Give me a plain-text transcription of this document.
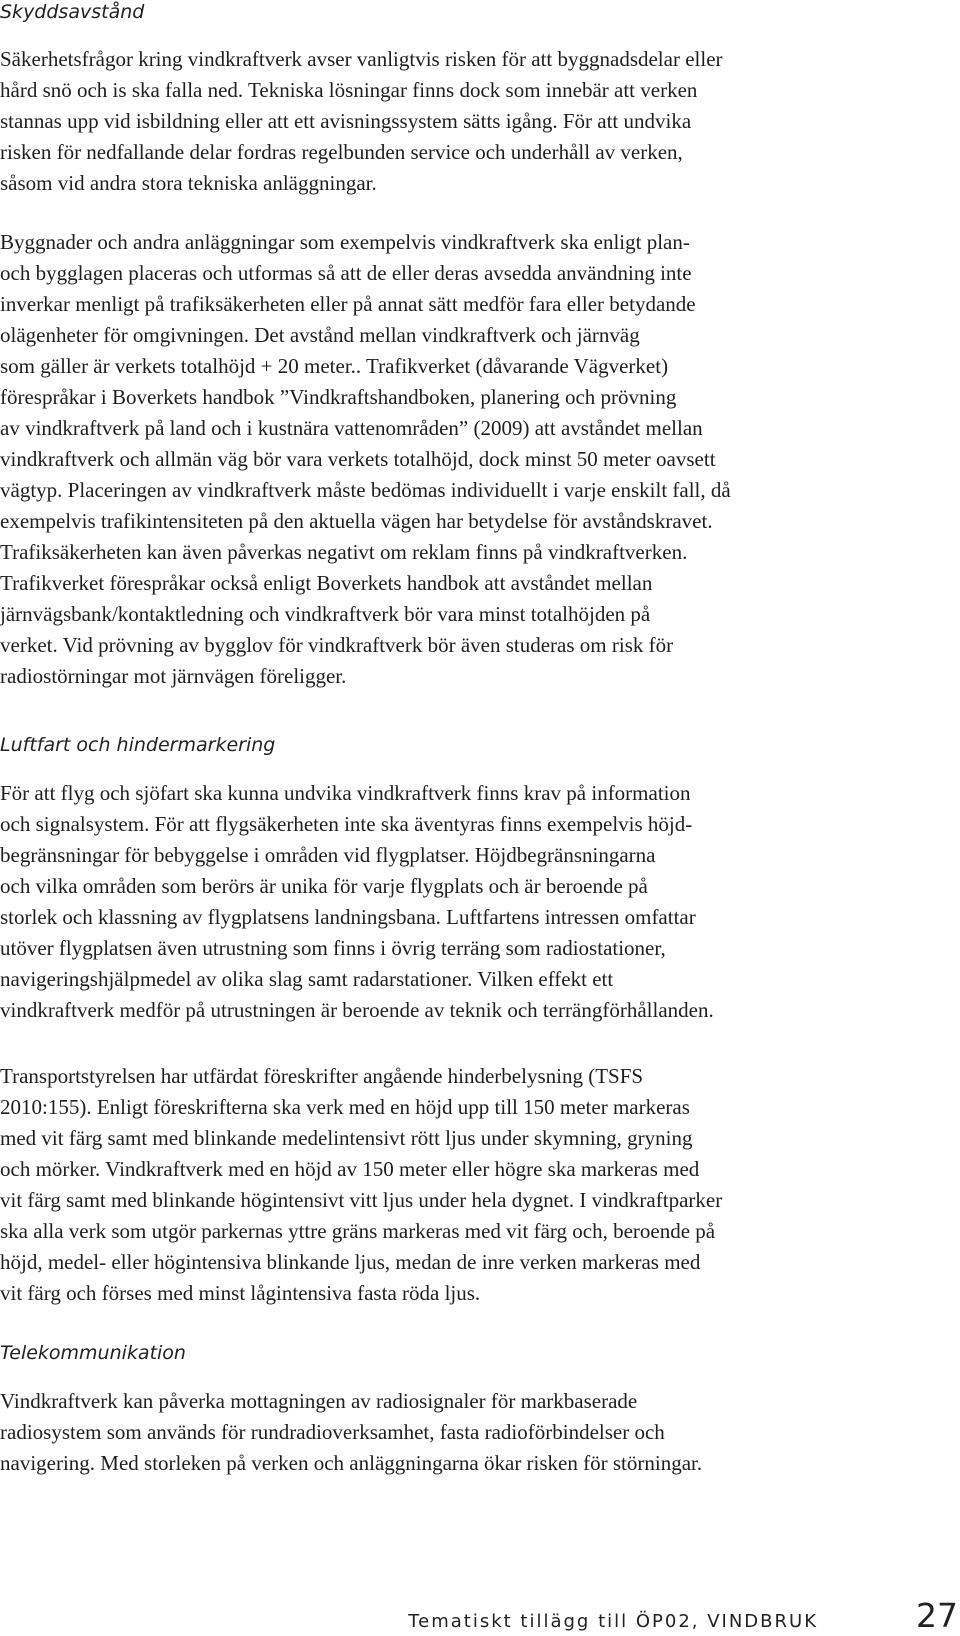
Skyddsavstånd

Säkerhetsfrågor kring vindkraftverk avser vanligtvis risken för att byggnadsdelar eller
hård snö och is ska falla ned. Tekniska lösningar finns dock som innebär att verken
stannas upp vid isbildning eller att ett avisningssystem sätts igång. För att undvika
risken för nedfallande delar fordras regelbunden service och underhåll av verken,
såsom vid andra stora tekniska anläggningar.

Byggnader och andra anläggningar som exempelvis vindkraftverk ska enligt plan-
och bygglagen placeras och utformas så att de eller deras avsedda användning inte
inverkar menligt på trafiksäkerheten eller på annat sätt medför fara eller betydande
olägenheter för omgivningen. Det avstånd mellan vindkraftverk och järnväg
som gäller är verkets totalhöjd + 20 meter.. Trafikverket (dåvarande Vägverket)
förespråkar i Boverkets handbok ”Vindkraftshandboken, planering och prövning
av vindkraftverk på land och i kustnära vattenområden” (2009) att avståndet mellan
vindkraftverk och allmän väg bör vara verkets totalhöjd, dock minst 50 meter oavsett
vägtyp. Placeringen av vindkraftverk måste bedömas individuellt i varje enskilt fall, då
exempelvis trafikintensiteten på den aktuella vägen har betydelse för avståndskravet.
Trafiksäkerheten kan även påverkas negativt om reklam finns på vindkraftverken.
Trafikverket förespråkar också enligt Boverkets handbok att avståndet mellan
järnvägsbank/kontaktledning och vindkraftverk bör vara minst totalhöjden på
verket. Vid prövning av bygglov för vindkraftverk bör även studeras om risk för
radiostörningar mot järnvägen föreligger.

Luftfart och hindermarkering

För att flyg och sjöfart ska kunna undvika vindkraftverk finns krav på information
och signalsystem. För att flygsäkerheten inte ska äventyras finns exempelvis höjd-
begränsningar för bebyggelse i områden vid flygplatser. Höjdbegränsningarna
och vilka områden som berörs är unika för varje flygplats och är beroende på
storlek och klassning av flygplatsens landningsbana. Luftfartens intressen omfattar
utöver flygplatsen även utrustning som finns i övrig terräng som radiostationer,
navigeringshjälpmedel av olika slag samt radarstationer. Vilken effekt ett
vindkraftverk medför på utrustningen är beroende av teknik och terrängförhållanden.

Transportstyrelsen har utfärdat föreskrifter angående hinderbelysning (TSFS
2010:155). Enligt föreskrifterna ska verk med en höjd upp till 150 meter markeras
med vit färg samt med blinkande medelintensivt rött ljus under skymning, gryning
och mörker. Vindkraftverk med en höjd av 150 meter eller högre ska markeras med
vit färg samt med blinkande högintensivt vitt ljus under hela dygnet. I vindkraftparker
ska alla verk som utgör parkernas yttre gräns markeras med vit färg och, beroende på
höjd, medel- eller högintensiva blinkande ljus, medan de inre verken markeras med
vit färg och förses med minst lågintensiva fasta röda ljus.

Telekommunikation

Vindkraftverk kan påverka mottagningen av radiosignaler för markbaserade
radiosystem som används för rundradioverksamhet, fasta radioförbindelser och
navigering. Med storleken på verken och anläggningarna ökar risken för störningar.

Tematiskt tillägg till ÖP02, VINDBRUK	27
